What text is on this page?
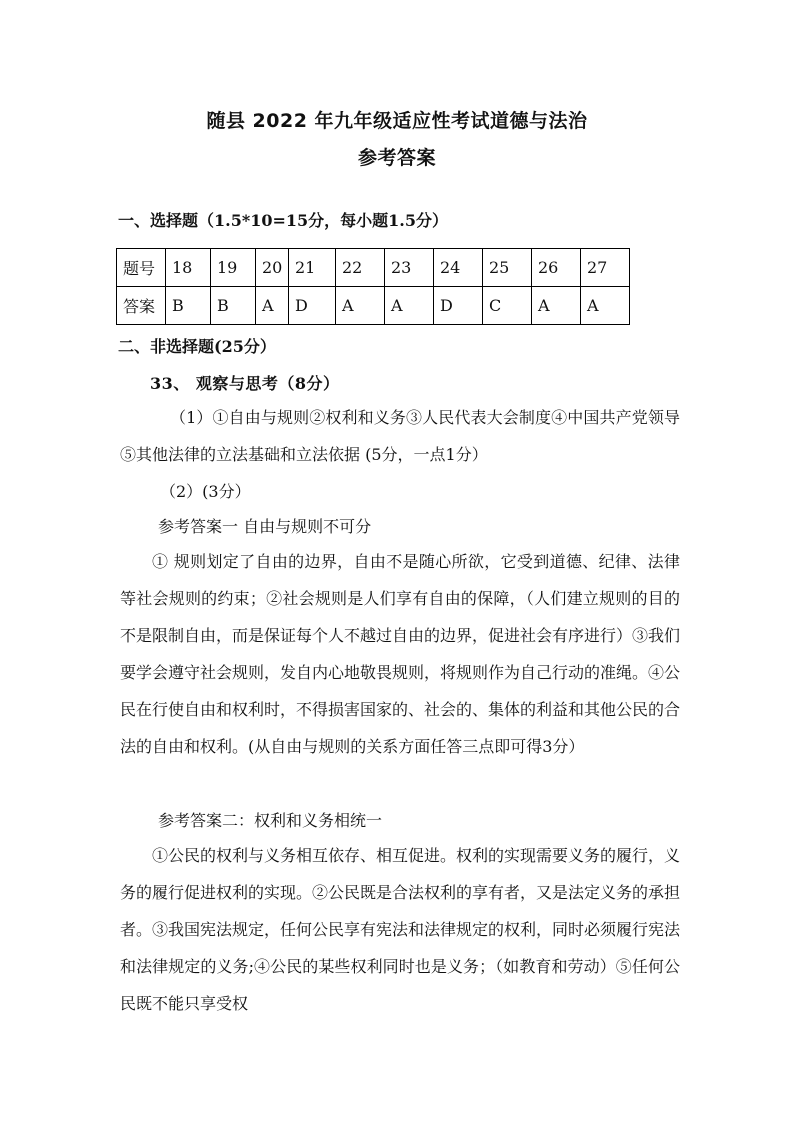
随县 2022 年九年级适应性考试道德与法治
参考答案
一、选择题（1.5*10=15分，每小题1.5分）
题号	18	19	20	21	22	23	24	25	26	27
答案	B	B	A	D	A	A	D	C	A	A
二、非选择题(25分）
33、 观察与思考（8分）
（1）①自由与规则②权利和义务③人民代表大会制度④中国共产党领导⑤其他法律的立法基础和立法依据 (5分，一点1分）
（2）(3分）
参考答案一 自由与规则不可分
① 规则划定了自由的边界，自由不是随心所欲，它受到道德、纪律、法律等社会规则的约束；②社会规则是人们享有自由的保障，（人们建立规则的目的不是限制自由，而是保证每个人不越过自由的边界，促进社会有序进行）③我们要学会遵守社会规则，发自内心地敬畏规则，将规则作为自己行动的准绳。④公民在行使自由和权利时，不得损害国家的、社会的、集体的利益和其他公民的合法的自由和权利。(从自由与规则的关系方面任答三点即可得3分）
参考答案二：权利和义务相统一
①公民的权利与义务相互依存、相互促进。权利的实现需要义务的履行，义务的履行促进权利的实现。②公民既是合法权利的享有者，又是法定义务的承担者。③我国宪法规定，任何公民享有宪法和法律规定的权利，同时必须履行宪法和法律规定的义务;④公民的某些权利同时也是义务；（如教育和劳动）⑤任何公民既不能只享受权
